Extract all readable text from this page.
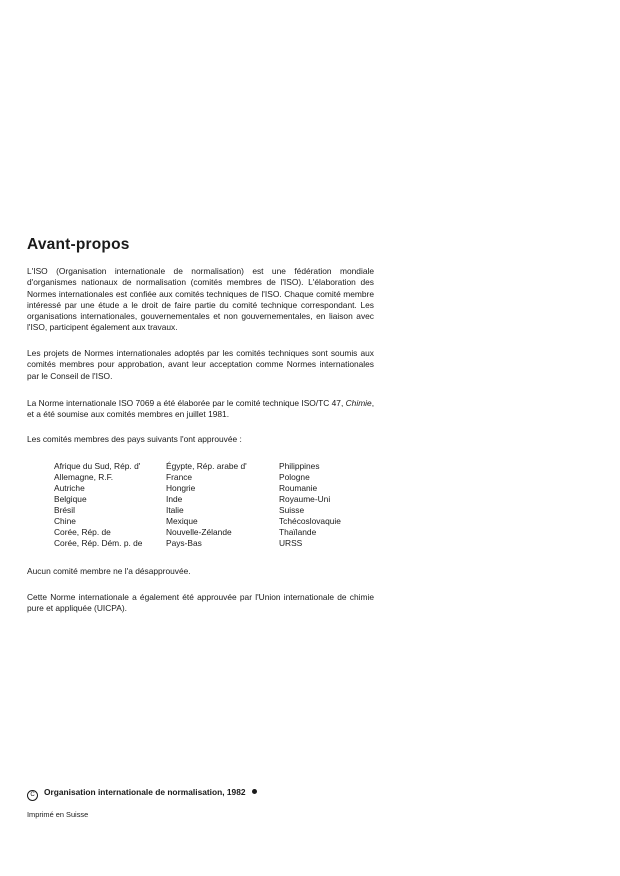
Avant-propos

L'ISO (Organisation internationale de normalisation) est une fédération mondiale d'organismes nationaux de normalisation (comités membres de l'ISO). L'élaboration des Normes internationales est confiée aux comités techniques de l'ISO. Chaque comité membre intéressé par une étude a le droit de faire partie du comité technique correspondant. Les organisations internationales, gouvernementales et non gouvernementales, en liaison avec l'ISO, participent également aux travaux.

Les projets de Normes internationales adoptés par les comités techniques sont soumis aux comités membres pour approbation, avant leur acceptation comme Normes internationales par le Conseil de l'ISO.

La Norme internationale ISO 7069 a été élaborée par le comité technique ISO/TC 47, Chimie, et a été soumise aux comités membres en juillet 1981.

Les comités membres des pays suivants l'ont approuvée :

Afrique du Sud, Rép. d'
Allemagne, R.F.
Autriche
Belgique
Brésil
Chine
Corée, Rép. de
Corée, Rép. Dém. p. de
Égypte, Rép. arabe d'
France
Hongrie
Inde
Italie
Mexique
Nouvelle-Zélande
Pays-Bas
Philippines
Pologne
Roumanie
Royaume-Uni
Suisse
Tchécoslovaquie
Thaïlande
URSS

Aucun comité membre ne l'a désapprouvée.

Cette Norme internationale a également été approuvée par l'Union internationale de chimie pure et appliquée (UICPA).

C Organisation internationale de normalisation, 1982
Imprimé en Suisse
